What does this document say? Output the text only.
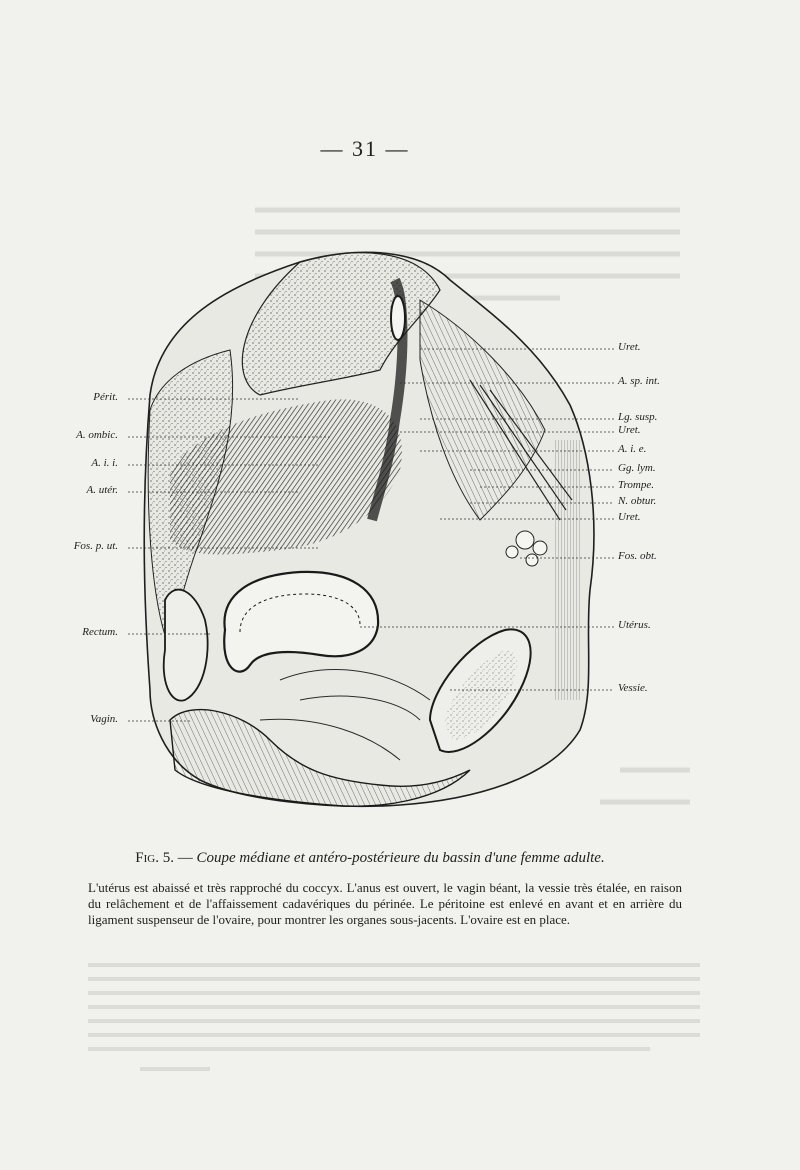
— 31 —
Périt.
A. ombic.
A. i. i.
A. utér.
Fos. p. ut.
Rectum.
Vagin.
Uret.
A. sp. int.
Lg. susp.
Uret.
A. i. e.
Gg. lym.
Trompe.
N. obtur.
Uret.
Fos. obt.
Utérus.
Vessie.
Fig. 5. — Coupe médiane et antéro-postérieure du bassin d'une femme adulte.
L'utérus est abaissé et très rapproché du coccyx. L'anus est ouvert, le vagin béant, la vessie très étalée, en raison du relâchement et de l'affaissement cadavériques du périnée. Le péritoine est enlevé en avant et en arrière du ligament suspenseur de l'ovaire, pour montrer les organes sous-jacents. L'ovaire est en place.
